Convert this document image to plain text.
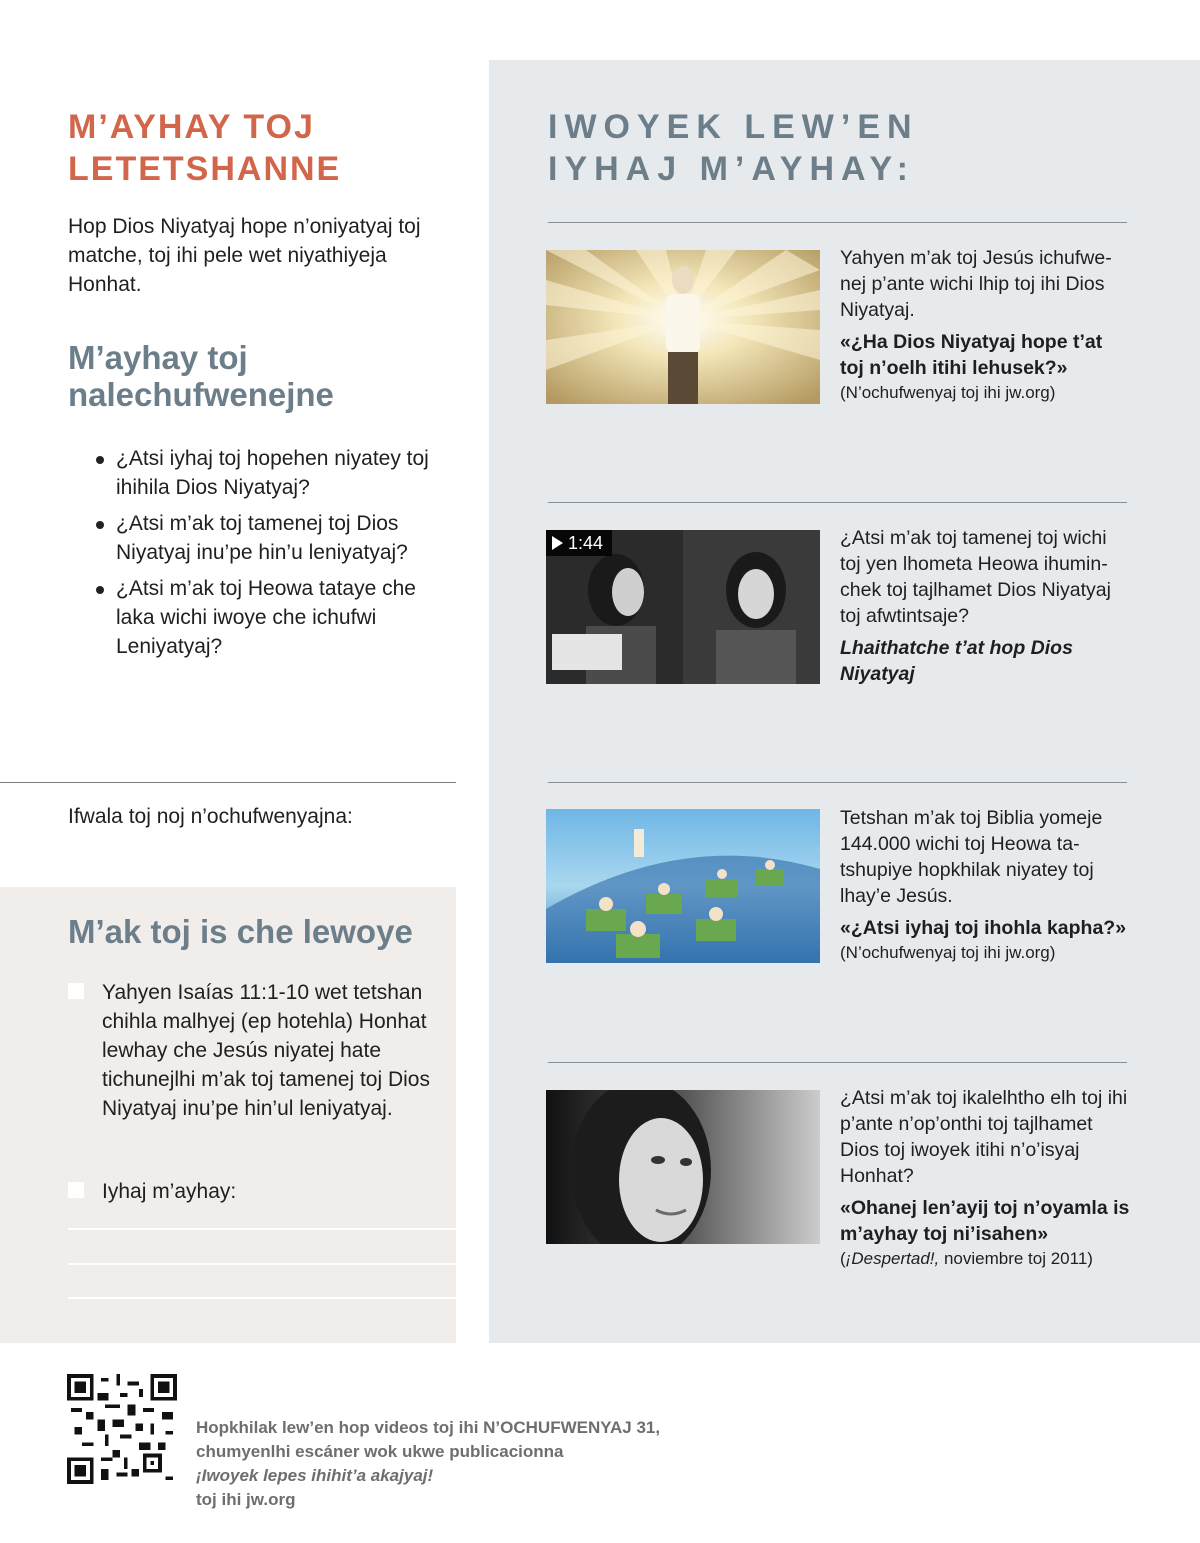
M’AYHAY TOJ
LETETSHANNE

Hop Dios Niyatyaj hope n’oniyatyaj toj matche, toj ihi pele wet niyathiyeja Honhat.

M’ayhay toj
nalechufwenejne
¿Atsi iyhaj toj hopehen niyatey toj ihihila Dios Niyatyaj?
¿Atsi m’ak toj tamenej toj Dios Niyatyaj inu’pe hin’u leniyatyaj?
¿Atsi m’ak toj Heowa tataye che laka wichi iwoye che ichufwi Leniyatyaj?
Ifwala toj noj n’ochufwenyajna:
M’ak toj is che lewoye
Yahyen Isaías 11:1-10 wet tetshan chihla malhyej (ep hotehla) Honhat lewhay che Jesús niyatej hate tichunejlhi m’ak toj tamenej toj Dios Niyatyaj inu’pe hin’ul leniyatyaj.
Iyhaj m’ayhay:
IWOYEK LEW’EN
IYHAJ M’AYHAY:

Yahyen m’ak toj Jesús ichufwenej p’ante wichi lhip toj ihi Dios Niyatyaj.

«¿Ha Dios Niyatyaj hope t’at toj n’oelh itihi lehusek?»

(N’ochufwenyaj toj ihi jw.org)

1:44	¿Atsi m’ak toj tamenej toj wichi toj yen lhometa Heowa ihuminchek toj tajlhamet Dios Niyatyaj toj afwtintsaje?

Lhaithatche t’at hop Dios Niyatyaj

Tetshan m’ak toj Biblia yomeje 144.000 wichi toj Heowa tatshupiye hopkhilak niyatey toj lhay’e Jesús.

«¿Atsi iyhaj toj ihohla kapha?»

(N’ochufwenyaj toj ihi jw.org)

¿Atsi m’ak toj ikalelhtho elh toj ihi p’ante n’op’onthi toj tajlhamet Dios toj iwoyek itihi n’o’isyaj Honhat?

«Ohanej len’ayij toj n’oyamla is m’ayhay toj ni’isahen»

(¡Despertad!, noviembre toj 2011)

Hopkhilak lew’en hop videos toj ihi N’OCHUFWENYAJ 31,
chumyenlhi escáner wok ukwe publicacionna
¡Iwoyek lepes ihihit’a akajyaj!
toj ihi jw.org
